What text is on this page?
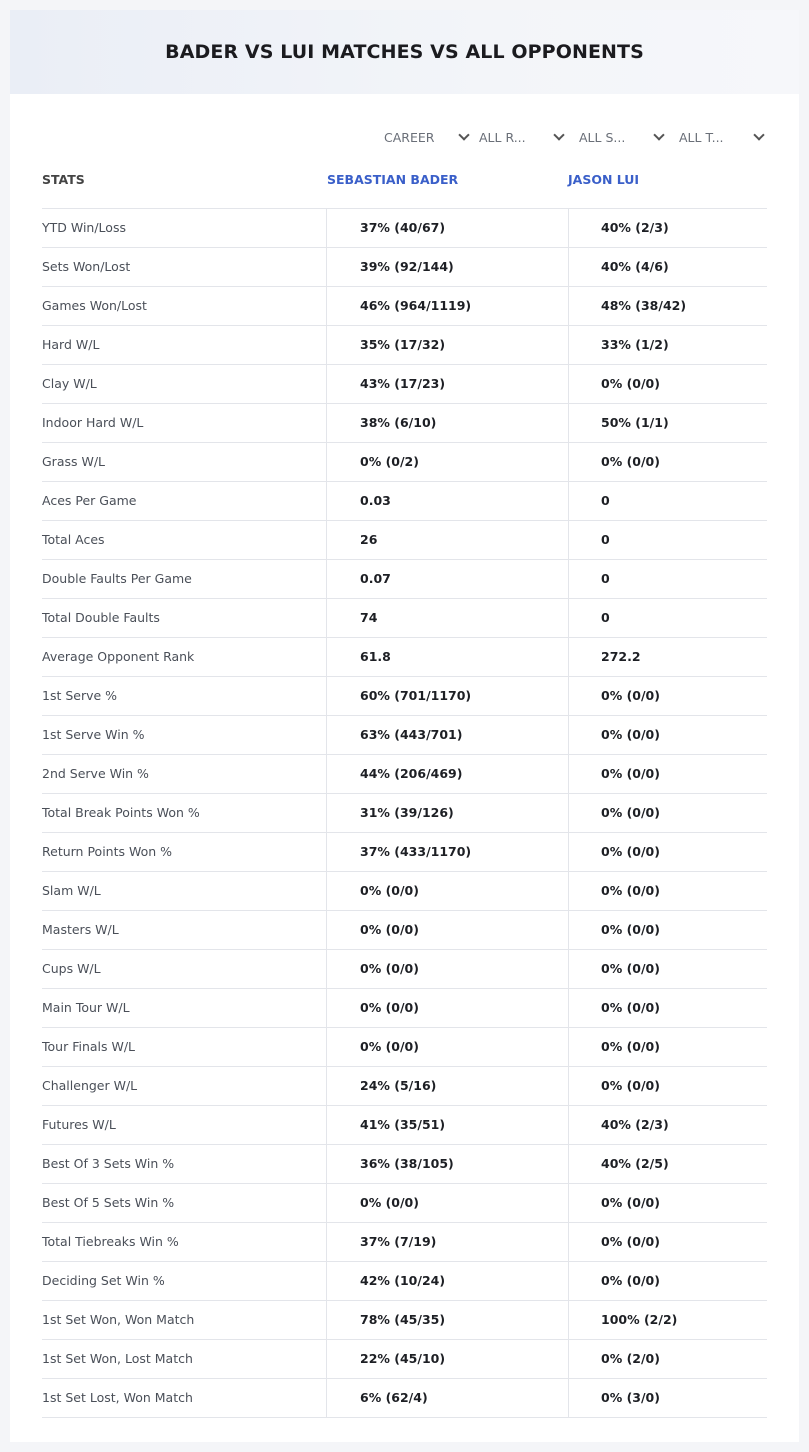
BADER VS LUI MATCHES VS ALL OPPONENTS
CAREER	ALL R...	ALL S...	ALL T...
STATS	SEBASTIAN BADER	JASON LUI
YTD Win/Loss	37% (40/67)	40% (2/3)
Sets Won/Lost	39% (92/144)	40% (4/6)
Games Won/Lost	46% (964/1119)	48% (38/42)
Hard W/L	35% (17/32)	33% (1/2)
Clay W/L	43% (17/23)	0% (0/0)
Indoor Hard W/L	38% (6/10)	50% (1/1)
Grass W/L	0% (0/2)	0% (0/0)
Aces Per Game	0.03	0
Total Aces	26	0
Double Faults Per Game	0.07	0
Total Double Faults	74	0
Average Opponent Rank	61.8	272.2
1st Serve %	60% (701/1170)	0% (0/0)
1st Serve Win %	63% (443/701)	0% (0/0)
2nd Serve Win %	44% (206/469)	0% (0/0)
Total Break Points Won %	31% (39/126)	0% (0/0)
Return Points Won %	37% (433/1170)	0% (0/0)
Slam W/L	0% (0/0)	0% (0/0)
Masters W/L	0% (0/0)	0% (0/0)
Cups W/L	0% (0/0)	0% (0/0)
Main Tour W/L	0% (0/0)	0% (0/0)
Tour Finals W/L	0% (0/0)	0% (0/0)
Challenger W/L	24% (5/16)	0% (0/0)
Futures W/L	41% (35/51)	40% (2/3)
Best Of 3 Sets Win %	36% (38/105)	40% (2/5)
Best Of 5 Sets Win %	0% (0/0)	0% (0/0)
Total Tiebreaks Win %	37% (7/19)	0% (0/0)
Deciding Set Win %	42% (10/24)	0% (0/0)
1st Set Won, Won Match	78% (45/35)	100% (2/2)
1st Set Won, Lost Match	22% (45/10)	0% (2/0)
1st Set Lost, Won Match	6% (62/4)	0% (3/0)
